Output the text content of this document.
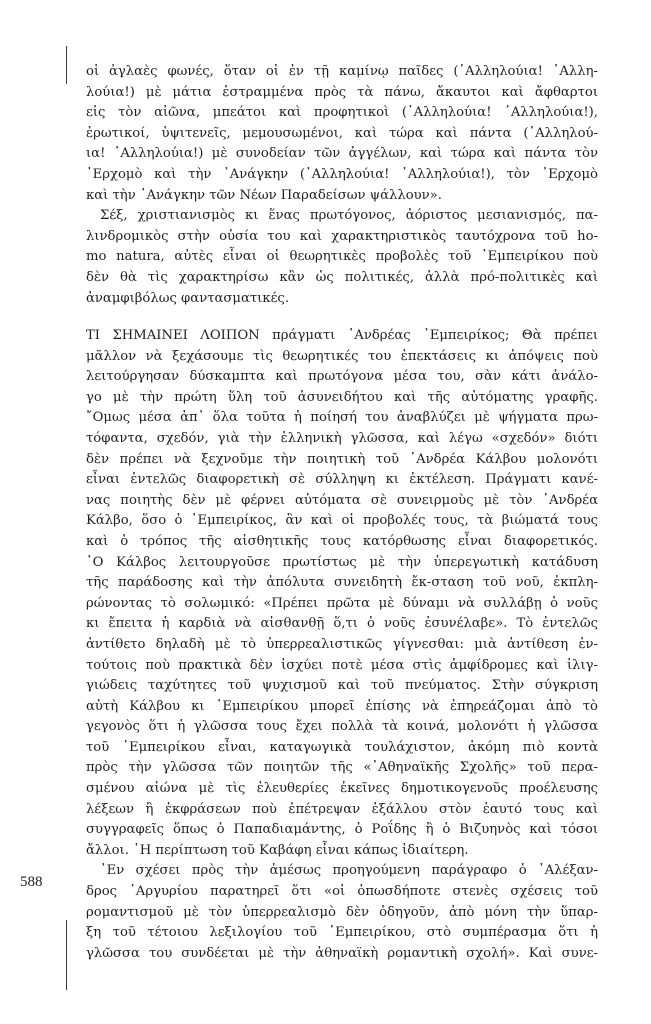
οἱ ἀγλαὲς φωνές, ὅταν οἱ ἐν τῇ καμίνῳ παῖδες (᾽Αλληλούια! ᾽Αλλη-
λούια!) μὲ μάτια ἐστραμμένα πρὸς τὰ πάνω, ἄκαυτοι καὶ ἄφθαρτοι
εἰς τὸν αἰῶνα, μπεάτοι καὶ προφητικοὶ (᾽Αλληλούια! ᾽Αλληλούια!),
ἐρωτικοί, ὑψιτενεῖς, μεμουσωμένοι, καὶ τώρα καὶ πάντα (᾽Αλληλού-
ια! ᾽Αλληλούια!) μὲ συνοδείαν τῶν ἀγγέλων, καὶ τώρα καὶ πάντα τὸν
᾽Ερχομὸ καὶ τὴν ᾽Ανάγκην (᾽Αλληλούια! ᾽Αλληλούια!), τὸν ᾽Ερχομὸ
καὶ τὴν ᾽Ανάγκην τῶν Νέων Παραδείσων ψάλλουν».

Σέξ, χριστιανισμὸς κι ἕνας πρωτόγονος, ἀόριστος μεσιανισμός, πα-
λινδρομικὸς στὴν οὐσία του καὶ χαρακτηριστικὸς ταυτόχρονα τοῦ ho-
mo natura, αὐτὲς εἶναι οἱ θεωρητικὲς προβολὲς τοῦ ᾽Εμπειρίκου ποὺ
δὲν θὰ τὶς χαρακτηρίσω κἂν ὡς πολιτικές, ἀλλὰ πρό-πολιτικὲς καὶ
ἀναμφιβόλως φαντασματικές.

ΤΙ ΣΗΜΑΙΝΕΙ ΛΟΙΠΟΝ πράγματι ᾽Ανδρέας ᾽Εμπειρίκος; Θὰ πρέπει
μᾶλλον νὰ ξεχάσουμε τὶς θεωρητικές του ἐπεκτάσεις κι ἀπόψεις ποὺ
λειτούργησαν δύσκαμπτα καὶ πρωτόγονα μέσα του, σὰν κάτι ἀνάλο-
γο μὲ τὴν πρώτη ὕλη τοῦ ἀσυνειδήτου καὶ τῆς αὐτόματης γραφῆς.
῎Ομως μέσα ἀπ᾽ ὅλα τοῦτα ἡ ποίησή του ἀναβλύζει μὲ ψήγματα πρω-
τόφαντα, σχεδόν, γιὰ τὴν ἑλληνικὴ γλῶσσα, καὶ λέγω «σχεδόν» διότι
δὲν πρέπει νὰ ξεχνοῦμε τὴν ποιητικὴ τοῦ ᾽Ανδρέα Κάλβου μολονότι
εἶναι ἐντελῶς διαφορετικὴ σὲ σύλληψη κι ἐκτέλεση. Πράγματι κανέ-
νας ποιητὴς δὲν μὲ φέρνει αὐτόματα σὲ συνειρμοὺς μὲ τὸν ᾽Ανδρέα
Κάλβο, ὅσο ὁ ᾽Εμπειρίκος, ἂν καὶ οἱ προβολές τους, τὰ βιώματά τους
καὶ ὁ τρόπος τῆς αἰσθητικῆς τους κατόρθωσης εἶναι διαφορετικός.
῾Ο Κάλβος λειτουργοῦσε πρωτίστως μὲ τὴν ὑπερεγωτικὴ κατάδυση
τῆς παράδοσης καὶ τὴν ἀπόλυτα συνειδητὴ ἔκ-σταση τοῦ νοῦ, ἐκπλη-
ρώνοντας τὸ σολωμικό: «Πρέπει πρῶτα μὲ δύναμι νὰ συλλάβῃ ὁ νοῦς
κι ἔπειτα ἡ καρδιὰ νὰ αἰσθανθῇ ὅ,τι ὁ νοῦς ἐσυνέλαβε». Τὸ ἐντελῶς
ἀντίθετο δηλαδὴ μὲ τὸ ὑπερρεαλιστικῶς γίγνεσθαι: μιὰ ἀντίθεση ἐν-
τούτοις ποὺ πρακτικὰ δὲν ἰσχύει ποτὲ μέσα στὶς ἀμφίδρομες καὶ ἰλιγ-
γιώδεις ταχύτητες τοῦ ψυχισμοῦ καὶ τοῦ πνεύματος. Στὴν σύγκριση
αὐτὴ Κάλβου κι ᾽Εμπειρίκου μπορεῖ ἐπίσης νὰ ἐπηρεάζομαι ἀπὸ τὸ
γεγονὸς ὅτι ἡ γλῶσσα τους ἔχει πολλὰ τὰ κοινά, μολονότι ἡ γλῶσσα
τοῦ ᾽Εμπειρίκου εἶναι, καταγωγικὰ τουλάχιστον, ἀκόμη πιὸ κοντὰ
πρὸς τὴν γλῶσσα τῶν ποιητῶν τῆς «᾽Αθηναϊκῆς Σχολῆς» τοῦ περα-
σμένου αἰώνα μὲ τὶς ἐλευθερίες ἐκεῖνες δημοτικογενοῦς προέλευσης
λέξεων ἢ ἐκφράσεων ποὺ ἐπέτρεψαν ἐξάλλου στὸν ἑαυτό τους καὶ
συγγραφεῖς ὅπως ὁ Παπαδιαμάντης, ὁ Ροΐδης ἢ ὁ Βιζυηνὸς καὶ τόσοι
ἄλλοι. ῾Η περίπτωση τοῦ Καβάφη εἶναι κάπως ἰδιαίτερη.

᾽Εν σχέσει πρὸς τὴν ἀμέσως προηγούμενη παράγραφο ὁ ᾽Αλέξαν-
δρος ᾽Αργυρίου παρατηρεῖ ὅτι «οἱ ὁπωσδήποτε στενὲς σχέσεις τοῦ
ρομαντισμοῦ μὲ τὸν ὑπερρεαλισμὸ δὲν ὁδηγοῦν, ἀπὸ μόνη τὴν ὕπαρ-
ξη τοῦ τέτοιου λεξιλογίου τοῦ ᾽Εμπειρίκου, στὸ συμπέρασμα ὅτι ἡ
γλῶσσα του συνδέεται μὲ τὴν ἀθηναϊκὴ ρομαντικὴ σχολή». Καὶ συνε-

588
